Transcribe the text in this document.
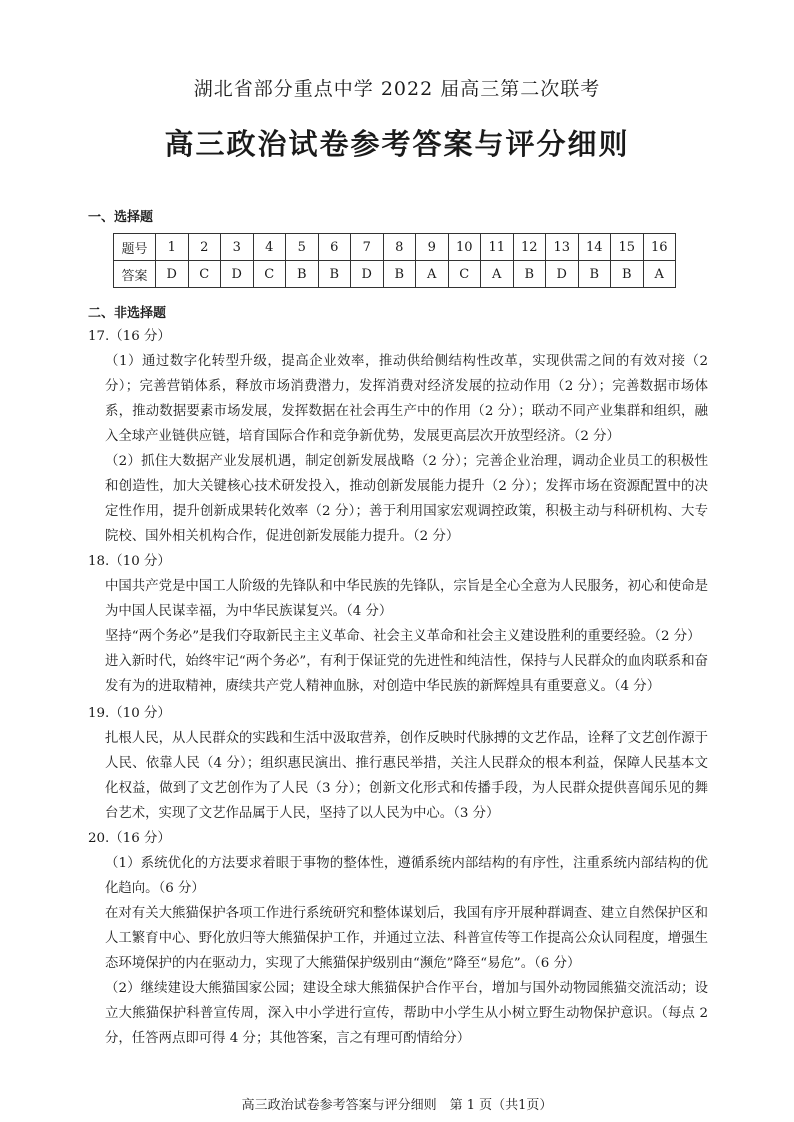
湖北省部分重点中学 2022 届高三第二次联考
高三政治试卷参考答案与评分细则
一、选择题
题号	1	2	3	4	5	6	7	8	9	10	11	12	13	14	15	16
答案	D	C	D	C	B	B	D	B	A	C	A	B	D	B	B	A
二、非选择题
17.（16 分）
（1）通过数字化转型升级，提高企业效率，推动供给侧结构性改革，实现供需之间的有效对接（2 分）；完善营销体系，释放市场消费潜力，发挥消费对经济发展的拉动作用（2 分）；完善数据市场体系，推动数据要素市场发展，发挥数据在社会再生产中的作用（2 分）；联动不同产业集群和组织，融入全球产业链供应链，培育国际合作和竞争新优势，发展更高层次开放型经济。（2 分）
（2）抓住大数据产业发展机遇，制定创新发展战略（2 分）；完善企业治理，调动企业员工的积极性和创造性，加大关键核心技术研发投入，推动创新发展能力提升（2 分）；发挥市场在资源配置中的决定性作用，提升创新成果转化效率（2 分）；善于利用国家宏观调控政策，积极主动与科研机构、大专院校、国外相关机构合作，促进创新发展能力提升。（2 分）
18.（10 分）
中国共产党是中国工人阶级的先锋队和中华民族的先锋队，宗旨是全心全意为人民服务，初心和使命是为中国人民谋幸福，为中华民族谋复兴。（4 分）
坚持“两个务必”是我们夺取新民主主义革命、社会主义革命和社会主义建设胜利的重要经验。（2 分）
进入新时代，始终牢记“两个务必”，有利于保证党的先进性和纯洁性，保持与人民群众的血肉联系和奋发有为的进取精神，赓续共产党人精神血脉，对创造中华民族的新辉煌具有重要意义。（4 分）
19.（10 分）
扎根人民，从人民群众的实践和生活中汲取营养，创作反映时代脉搏的文艺作品，诠释了文艺创作源于人民、依靠人民（4 分）；组织惠民演出、推行惠民举措，关注人民群众的根本利益，保障人民基本文化权益，做到了文艺创作为了人民（3 分）；创新文化形式和传播手段，为人民群众提供喜闻乐见的舞台艺术，实现了文艺作品属于人民，坚持了以人民为中心。（3 分）
20.（16 分）
（1）系统优化的方法要求着眼于事物的整体性，遵循系统内部结构的有序性，注重系统内部结构的优化趋向。（6 分）
在对有关大熊猫保护各项工作进行系统研究和整体谋划后，我国有序开展种群调查、建立自然保护区和人工繁育中心、野化放归等大熊猫保护工作，并通过立法、科普宣传等工作提高公众认同程度，增强生态环境保护的内在驱动力，实现了大熊猫保护级别由“濒危”降至“易危”。（6 分）
（2）继续建设大熊猫国家公园；建设全球大熊猫保护合作平台，增加与国外动物园熊猫交流活动；设立大熊猫保护科普宣传周，深入中小学进行宣传，帮助中小学生从小树立野生动物保护意识。（每点 2 分，任答两点即可得 4 分；其他答案，言之有理可酌情给分）
高三政治试卷参考答案与评分细则　第 1 页（共1页）
